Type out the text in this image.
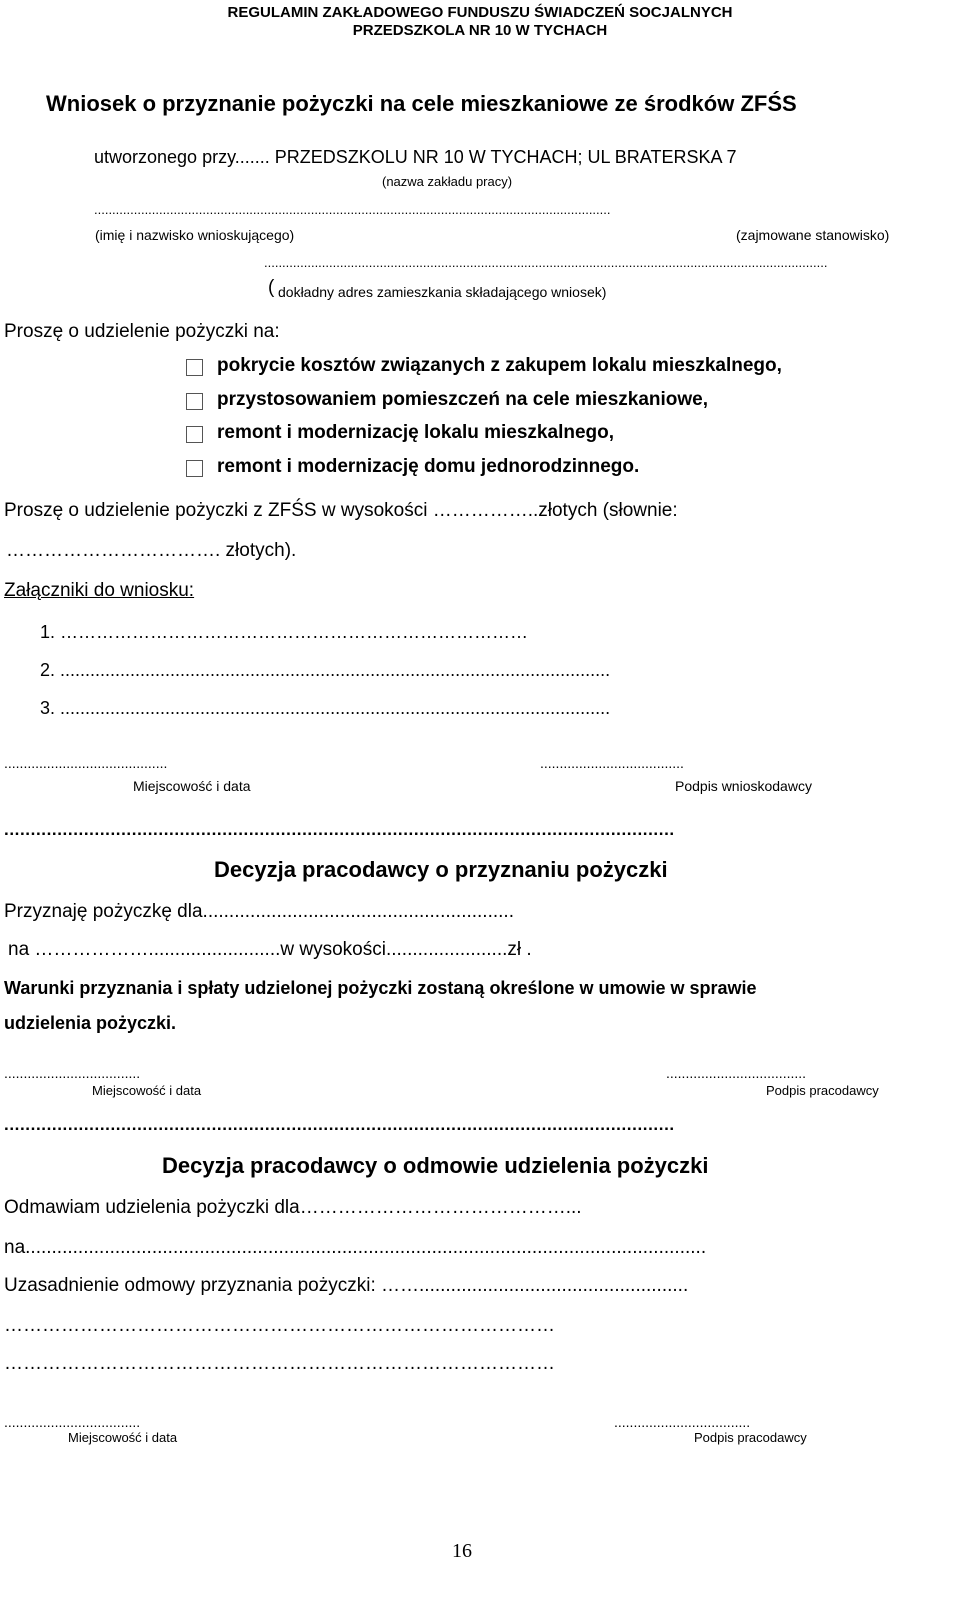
REGULAMIN ZAKŁADOWEGO FUNDUSZU ŚWIADCZEŃ SOCJALNYCH
PRZEDSZKOLA NR 10 W TYCHACH
Wniosek o przyznanie pożyczki na cele mieszkaniowe ze środków ZFŚS
utworzonego przy....... PRZEDSZKOLU NR 10 W TYCHACH; UL BRATERSKA 7
(nazwa zakładu pracy)
...............................................................................................................................................
(imię i nazwisko wnioskującego)	(zajmowane stanowisko)
............................................................................................................................................................
( dokładny adres zamieszkania składającego wniosek)
Proszę o udzielenie pożyczki na:
pokrycie kosztów związanych z zakupem lokalu mieszkalnego,
przystosowaniem pomieszczeń na cele mieszkaniowe,
remont i modernizację lokalu mieszkalnego,
remont i modernizację domu jednorodzinnego.
Proszę o udzielenie pożyczki z ZFŚS w wysokości ……………..złotych (słownie:
……………………………. złotych).
Załączniki do wniosku:
1. ……………………………………………………………………
2. ..............................................................................................................
3. ..............................................................................................................
..........................................	.....................................
Miejscowość i data	Podpis wnioskodawcy
..............................................................................................................................
Decyzja pracodawcy o przyznaniu pożyczki
Przyznaję pożyczkę dla...........................................................
na ……………….........................w wysokości.......................zł .
Warunki przyznania i spłaty udzielonej pożyczki zostaną określone w umowie w sprawie
udzielenia pożyczki.
...................................	....................................
Miejscowość i data	Podpis pracodawcy
..............................................................................................................................
Decyzja pracodawcy o odmowie udzielenia pożyczki
Odmawiam udzielenia pożyczki dla……………………………………...
na.................................................................................................................................
Uzasadnienie odmowy przyznania pożyczki: ……...................................................
……………………………………………………………………………
……………………………………………………………………………
...................................	...................................
Miejscowość i data	Podpis pracodawcy
16
